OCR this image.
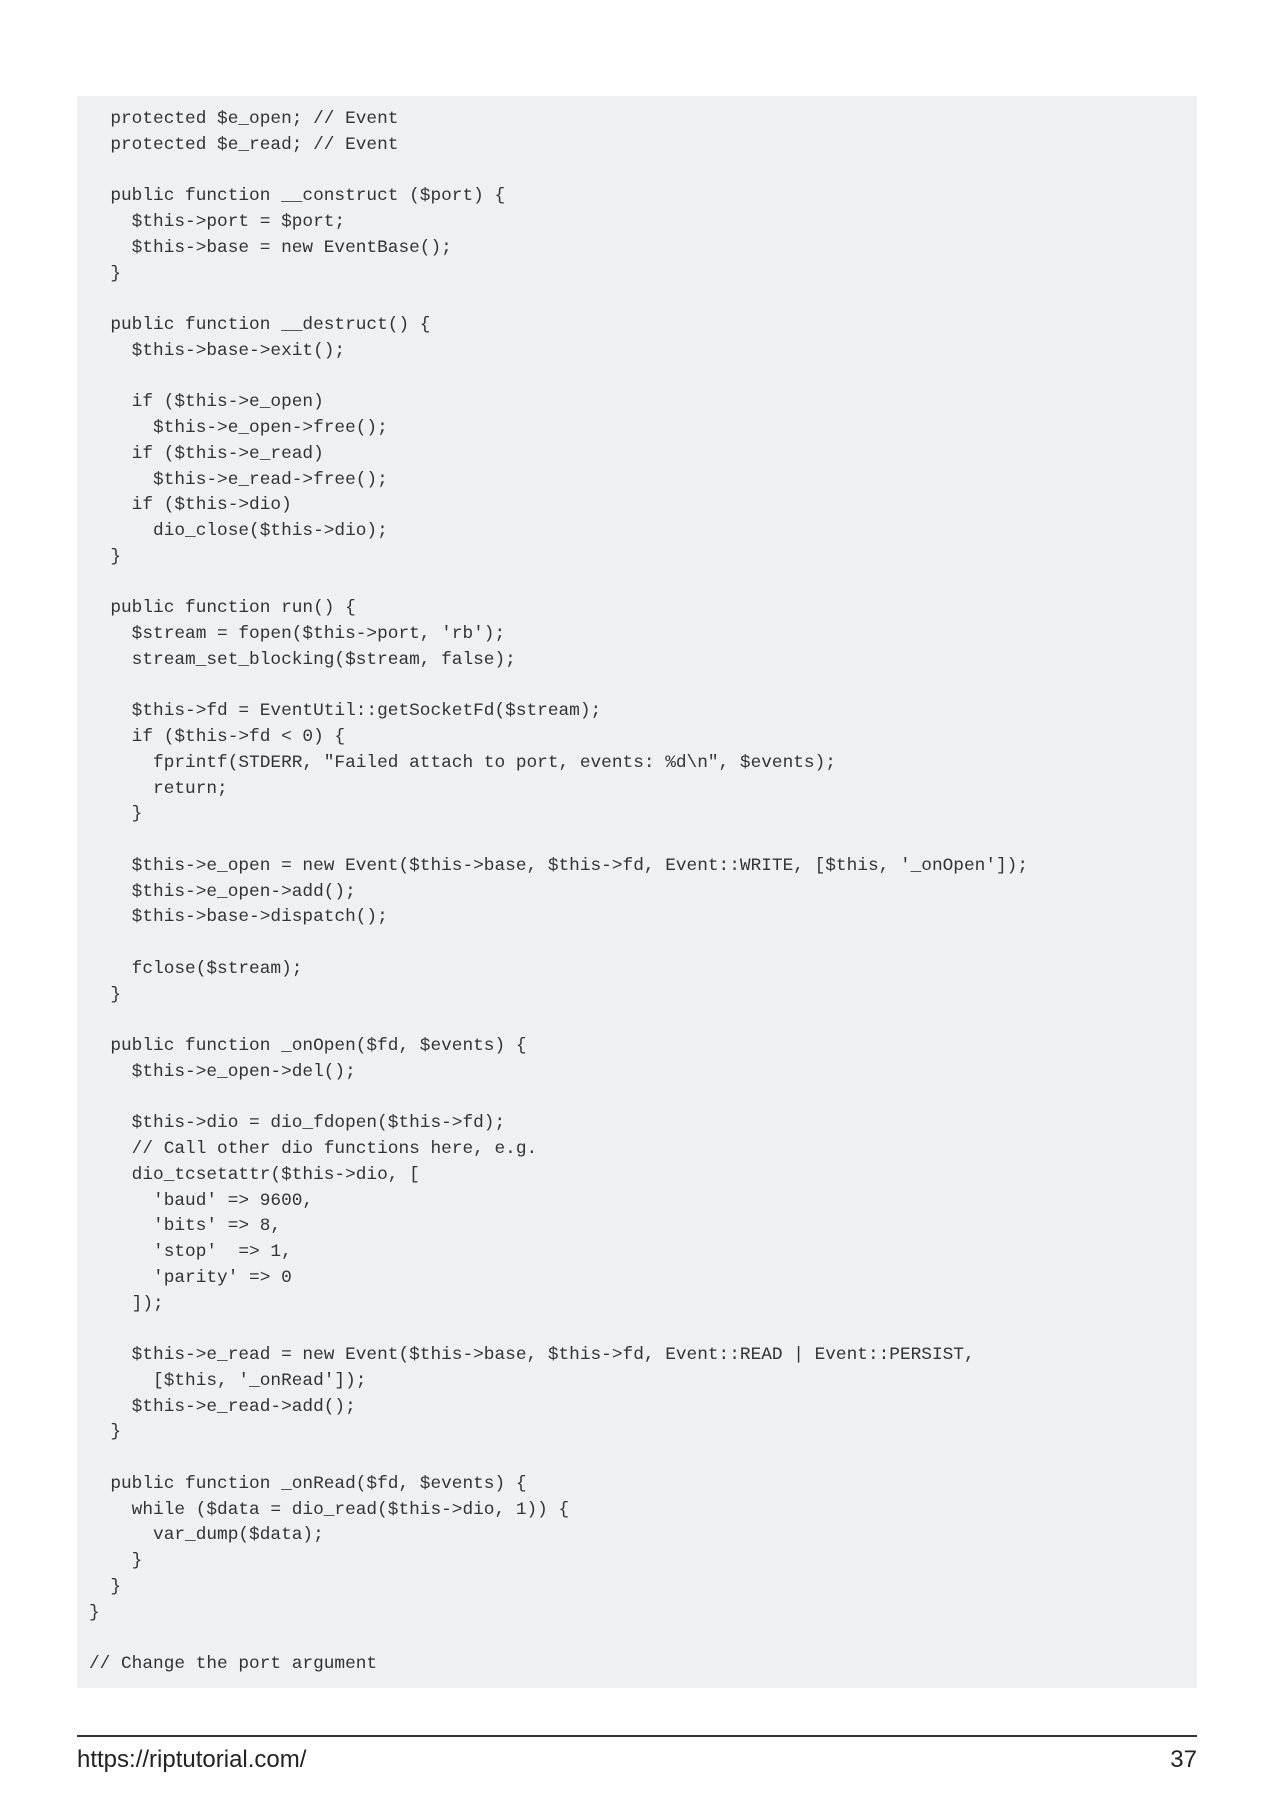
protected $e_open; // Event
protected $e_read; // Event
public function __construct ($port) {
$this->port = $port;
$this->base = new EventBase();
}
public function __destruct() {
$this->base->exit();
if ($this->e_open)
$this->e_open->free();
if ($this->e_read)
$this->e_read->free();
if ($this->dio)
dio_close($this->dio);
}
public function run() {
$stream = fopen($this->port, 'rb');
stream_set_blocking($stream, false);
$this->fd = EventUtil::getSocketFd($stream);
if ($this->fd < 0) {
fprintf(STDERR, "Failed attach to port, events: %d\n", $events);
return;
}
$this->e_open = new Event($this->base, $this->fd, Event::WRITE, [$this, '_onOpen']);
$this->e_open->add();
$this->base->dispatch();
fclose($stream);
}
public function _onOpen($fd, $events) {
$this->e_open->del();
$this->dio = dio_fdopen($this->fd);
// Call other dio functions here, e.g.
dio_tcsetattr($this->dio, [
'baud' => 9600,
'bits' => 8,
'stop'  => 1,
'parity' => 0
]);
$this->e_read = new Event($this->base, $this->fd, Event::READ | Event::PERSIST,
[$this, '_onRead']);
$this->e_read->add();
}
public function _onRead($fd, $events) {
while ($data = dio_read($this->dio, 1)) {
var_dump($data);
}
}
}
// Change the port argument
https://riptutorial.com/	37
